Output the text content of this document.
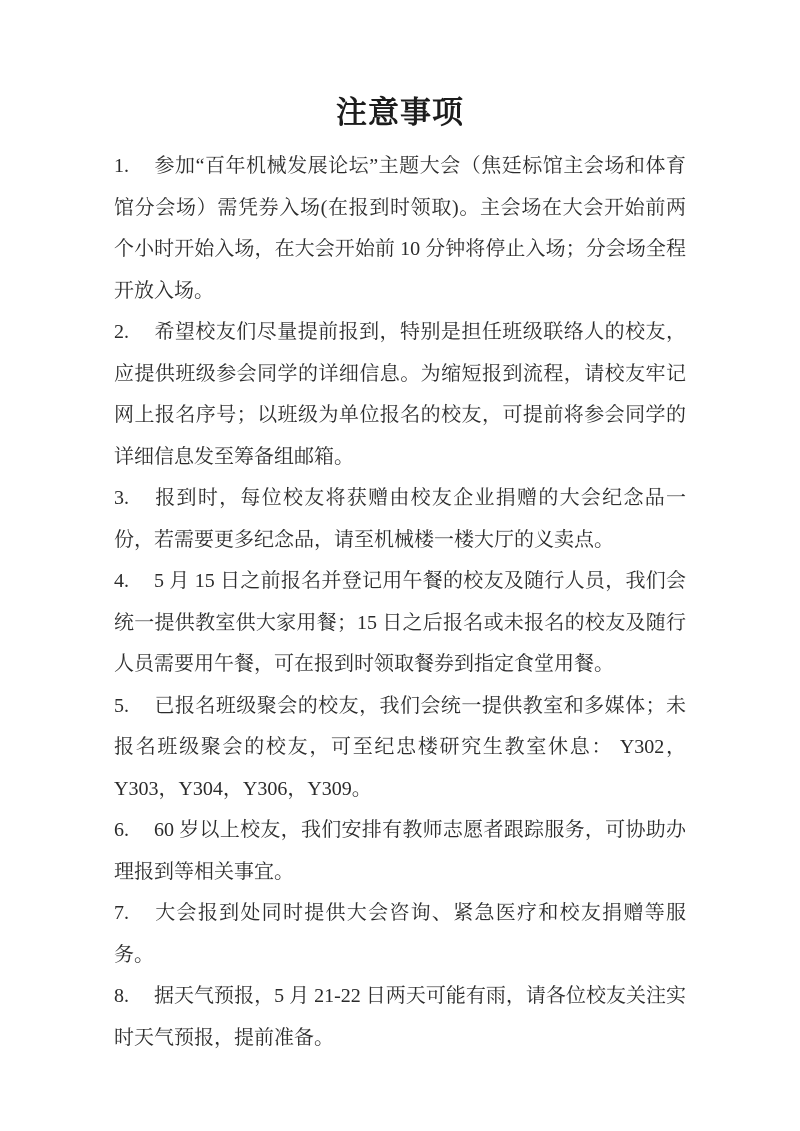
注意事项

1. 参加“百年机械发展论坛”主题大会（焦廷标馆主会场和体育馆分会场）需凭券入场(在报到时领取)。主会场在大会开始前两个小时开始入场，在大会开始前 10 分钟将停止入场；分会场全程开放入场。

2. 希望校友们尽量提前报到，特别是担任班级联络人的校友，应提供班级参会同学的详细信息。为缩短报到流程，请校友牢记网上报名序号；以班级为单位报名的校友，可提前将参会同学的详细信息发至筹备组邮箱。

3. 报到时，每位校友将获赠由校友企业捐赠的大会纪念品一份，若需要更多纪念品，请至机械楼一楼大厅的义卖点。

4. 5 月 15 日之前报名并登记用午餐的校友及随行人员，我们会统一提供教室供大家用餐；15 日之后报名或未报名的校友及随行人员需要用午餐，可在报到时领取餐券到指定食堂用餐。

5. 已报名班级聚会的校友，我们会统一提供教室和多媒体；未报名班级聚会的校友，可至纪忠楼研究生教室休息： Y302，Y303，Y304，Y306，Y309。

6. 60 岁以上校友，我们安排有教师志愿者跟踪服务，可协助办理报到等相关事宜。

7. 大会报到处同时提供大会咨询、紧急医疗和校友捐赠等服务。

8. 据天气预报，5 月 21-22 日两天可能有雨，请各位校友关注实时天气预报，提前准备。
